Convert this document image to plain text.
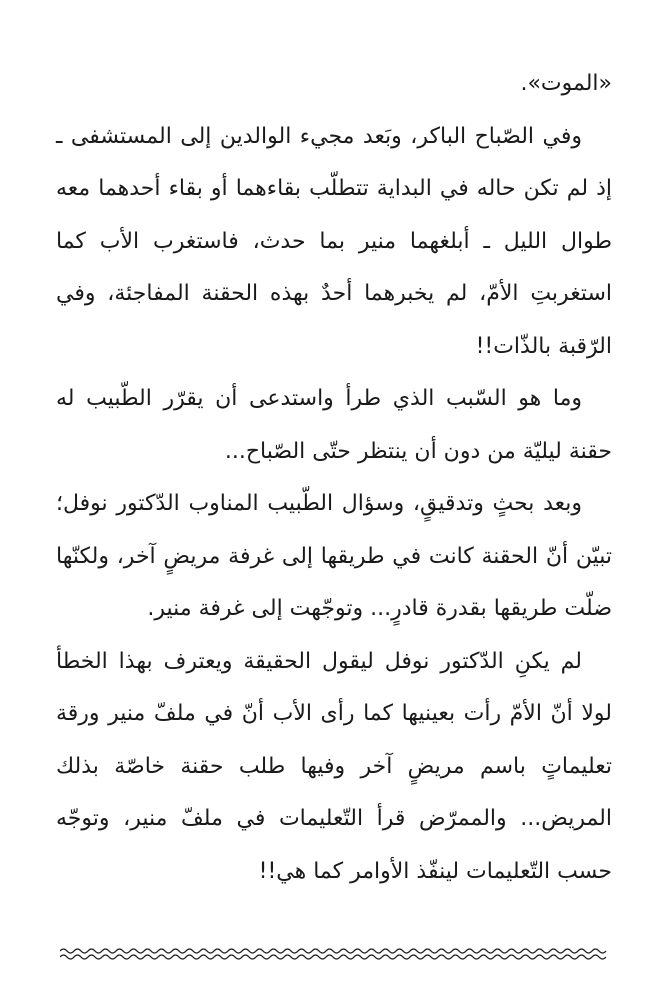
«الموت».

وفي الصّباح الباكر، وبَعد مجيء الوالدين إلى المستشفى ـ إذ لم تكن حاله في البداية تتطلّب بقاءهما أو بقاء أحدهما معه طوال الليل ـ أبلغهما منير بما حدث، فاستغرب الأب كما استغربتِ الأمّ، لم يخبرهما أحدٌ بهذه الحقنة المفاجئة، وفي الرّقبة بالذّات!!

وما هو السّبب الذي طرأ واستدعى أن يقرّر الطّبيب له حقنة ليليّة من دون أن ينتظر حتّى الصّباح...

وبعد بحثٍ وتدقيقٍ، وسؤال الطّبيب المناوب الدّكتور نوفل؛ تبيّن أنّ الحقنة كانت في طريقها إلى غرفة مريضٍ آخر، ولكنّها ضلّت طريقها بقدرة قادرٍ... وتوجّهت إلى غرفة منير.

لم يكنِ الدّكتور نوفل ليقول الحقيقة ويعترف بهذا الخطأ لولا أنّ الأمّ رأت بعينيها كما رأى الأب أنّ في ملفّ منير ورقة تعليماتٍ باسم مريضٍ آخر وفيها طلب حقنة خاصّة بذلك المريض... والممرّض قرأ التّعليمات في ملفّ منير، وتوجّه حسب التّعليمات لينفّذ الأوامر كما هي!!
